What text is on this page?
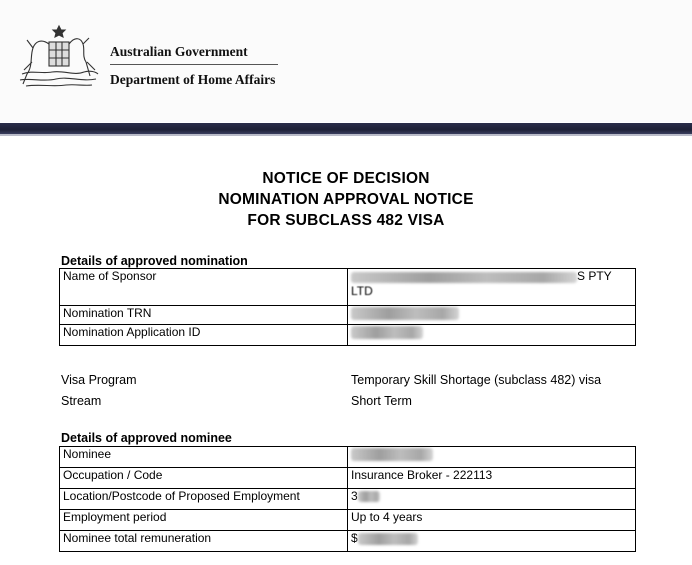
Australian Government
Department of Home Affairs
NOTICE OF DECISION
NOMINATION APPROVAL NOTICE
FOR SUBCLASS 482 VISA
Details of approved nomination
Name of Sponsor	S PTY
LTD
Nomination TRN	
Nomination Application ID	
Visa Program	Temporary Skill Shortage (subclass 482) visa
Stream	Short Term
Details of approved nominee
Nominee	
Occupation / Code	Insurance Broker - 222113
Location/Postcode of Proposed Employment	3
Employment period	Up to 4 years
Nominee total remuneration	$
